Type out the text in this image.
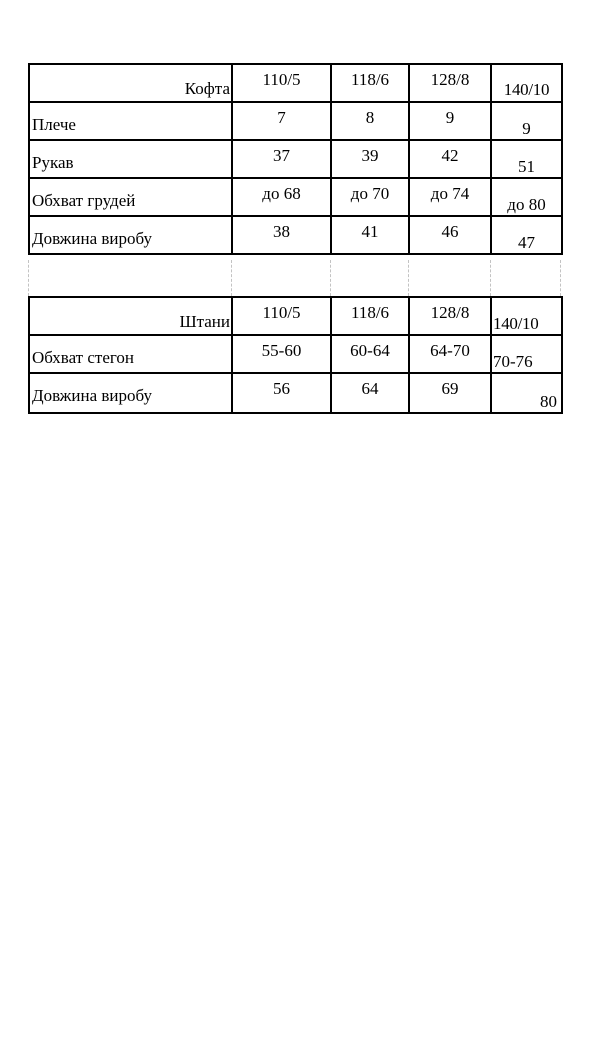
Кофта	110/5	118/6	128/8	140/10

Плече	7	8	9	9

Рукав	37	39	42	51

Обхват грудей	до 68	до 70	до 74	до 80

Довжина виробу	38	41	46	47
Штани	110/5	118/6	128/8	140/10

Обхват стегон	55-60	60-64	64-70	70-76

Довжина виробу	56	64	69	80
